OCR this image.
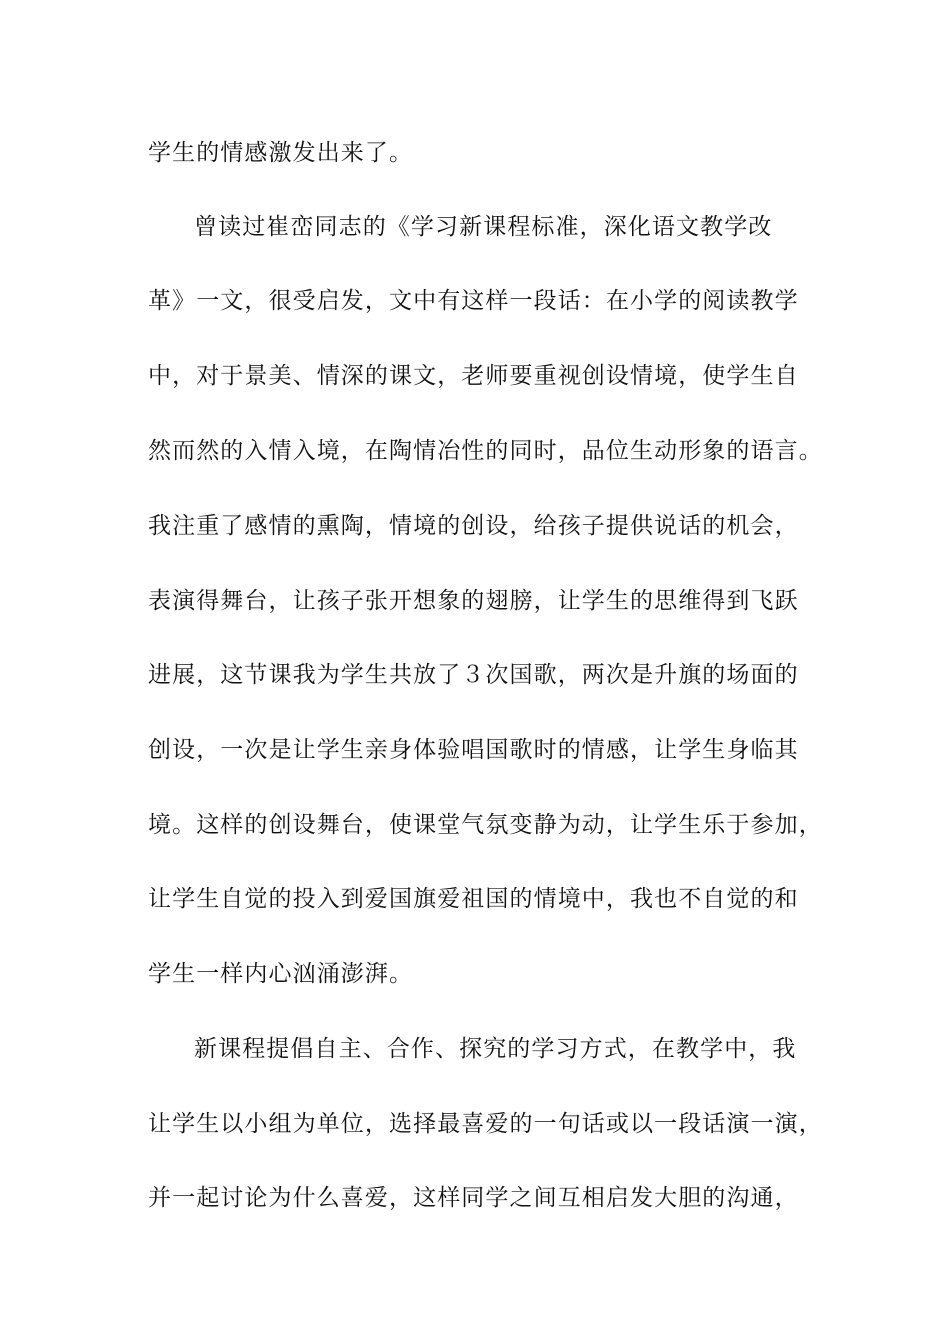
学生的情感激发出来了。
曾读过崔峦同志的《学习新课程标准，深化语文教学改
革》一文，很受启发，文中有这样一段话：在小学的阅读教学
中，对于景美、情深的课文，老师要重视创设情境，使学生自
然而然的入情入境，在陶情冶性的同时，品位生动形象的语言。
我注重了感情的熏陶，情境的创设，给孩子提供说话的机会，
表演得舞台，让孩子张开想象的翅膀，让学生的思维得到飞跃
进展，这节课我为学生共放了３次国歌，两次是升旗的场面的
创设，一次是让学生亲身体验唱国歌时的情感，让学生身临其
境。这样的创设舞台，使课堂气氛变静为动，让学生乐于参加，
让学生自觉的投入到爱国旗爱祖国的情境中，我也不自觉的和
学生一样内心汹涌澎湃。
新课程提倡自主、合作、探究的学习方式，在教学中，我
让学生以小组为单位，选择最喜爱的一句话或以一段话演一演，
并一起讨论为什么喜爱，这样同学之间互相启发大胆的沟通，
